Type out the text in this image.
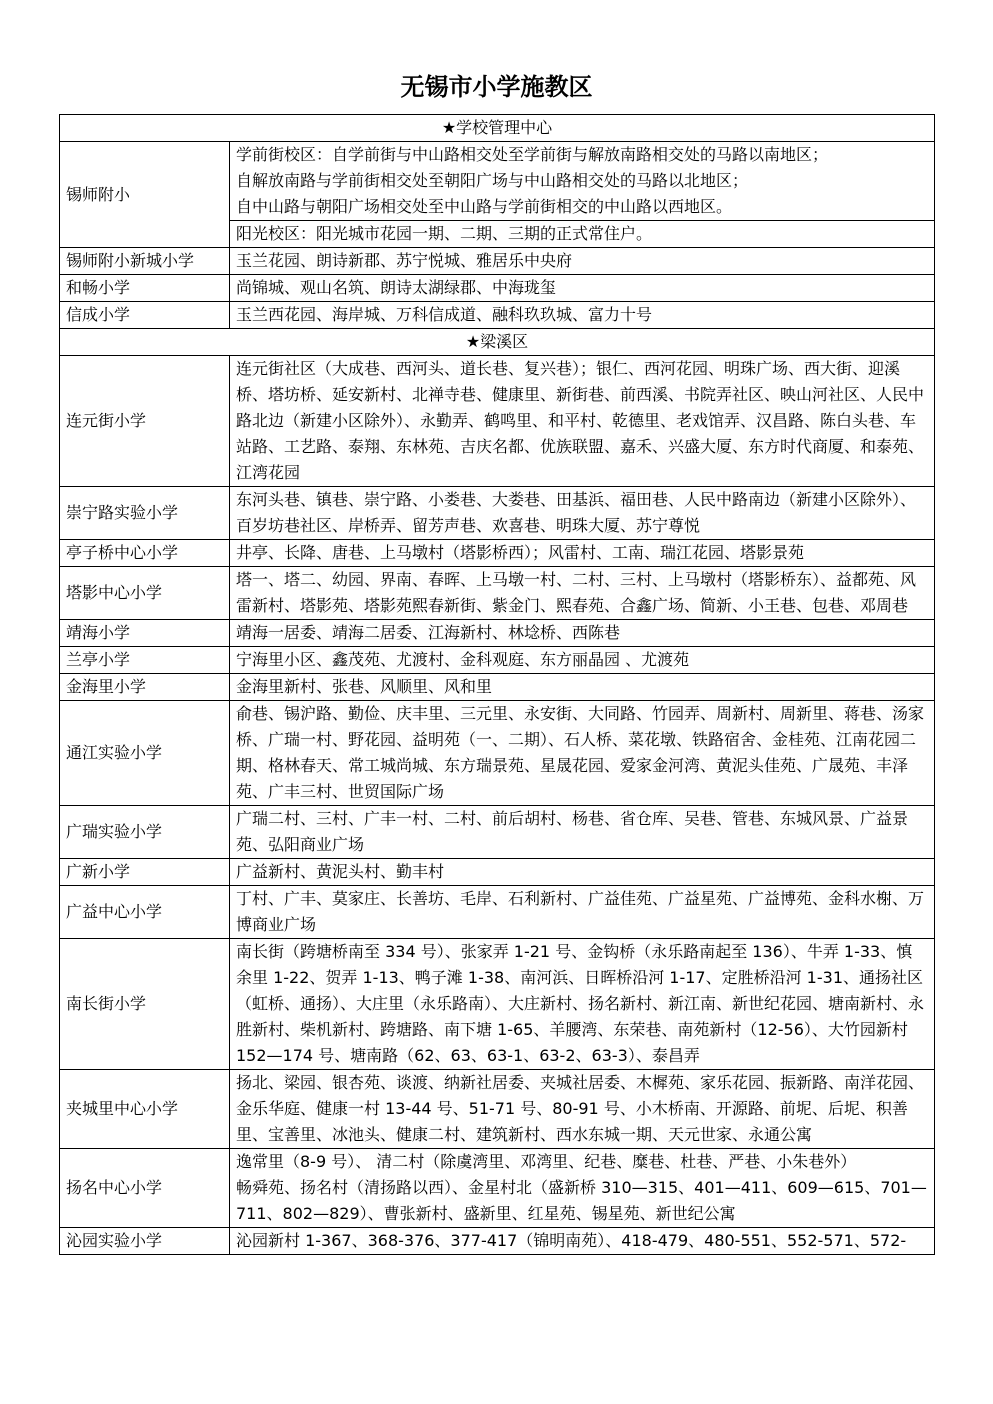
无锡市小学施教区
★学校管理中心	
锡师附小	学前街校区：自学前街与中山路相交处至学前街与解放南路相交处的马路以南地区；
自解放南路与学前街相交处至朝阳广场与中山路相交处的马路以北地区；
自中山路与朝阳广场相交处至中山路与学前街相交的中山路以西地区。

	阳光校区：阳光城市花园一期、二期、三期的正式常住户。
锡师附小新城小学	玉兰花园、朗诗新郡、苏宁悦城、雅居乐中央府
和畅小学	尚锦城、观山名筑、朗诗太湖绿郡、中海珑玺
信成小学	玉兰西花园、海岸城、万科信成道、融科玖玖城、富力十号
★梁溪区	
连元街小学	连元街社区（大成巷、西河头、道长巷、复兴巷）；银仁、西河花园、明珠广场、西大街、迎溪桥、塔坊桥、延安新村、北禅寺巷、健康里、新街巷、前西溪、书院弄社区、映山河社区、人民中路北边（新建小区除外）、永勤弄、鹤鸣里、和平村、乾德里、老戏馆弄、汉昌路、陈白头巷、车站路、工艺路、泰翔、东林苑、吉庆名都、优族联盟、嘉禾、兴盛大厦、东方时代商厦、和泰苑、江湾花园
崇宁路实验小学	东河头巷、镇巷、崇宁路、小娄巷、大娄巷、田基浜、福田巷、人民中路南边（新建小区除外）、百岁坊巷社区、岸桥弄、留芳声巷、欢喜巷、明珠大厦、苏宁尊悦
亭子桥中心小学	井亭、长降、唐巷、上马墩村（塔影桥西）；风雷村、工南、瑞江花园、塔影景苑
塔影中心小学	塔一、塔二、幼园、界南、春晖、上马墩一村、二村、三村、上马墩村（塔影桥东）、益都苑、风雷新村、塔影苑、塔影苑熙春新街、紫金门、熙春苑、合鑫广场、简新、小王巷、包巷、邓周巷
靖海小学	靖海一居委、靖海二居委、江海新村、林埝桥、西陈巷
兰亭小学	宁海里小区、鑫茂苑、尤渡村、金科观庭、东方丽晶园 、尤渡苑
金海里小学	金海里新村、张巷、风顺里、风和里
通江实验小学	俞巷、锡沪路、勤俭、庆丰里、三元里、永安街、大同路、竹园弄、周新村、周新里、蒋巷、汤家桥、广瑞一村、野花园、益明苑（一、二期）、石人桥、菜花墩、铁路宿舍、金桂苑、江南花园二期、格林春天、常工城尚城、东方瑞景苑、星晟花园、爱家金河湾、黄泥头佳苑、广晟苑、丰泽苑、广丰三村、世贸国际广场
广瑞实验小学	广瑞二村、三村、广丰一村、二村、前后胡村、杨巷、省仓库、吴巷、管巷、东城风景、广益景苑、弘阳商业广场
广新小学	广益新村、黄泥头村、勤丰村
广益中心小学	丁村、广丰、莫家庄、长善坊、毛岸、石利新村、广益佳苑、广益星苑、广益博苑、金科水榭、万博商业广场
南长街小学	南长街（跨塘桥南至 334 号）、张家弄 1-21 号、金钩桥（永乐路南起至 136）、牛弄 1-33、慎余里 1-22、贺弄 1-13、鸭子滩 1-38、南河浜、日晖桥沿河 1-17、定胜桥沿河 1-31、通扬社区（虹桥、通扬）、大庄里（永乐路南）、大庄新村、扬名新村、新江南、新世纪花园、塘南新村、永胜新村、柴机新村、跨塘路、南下塘 1-65、羊腰湾、东荣巷、南苑新村（12-56）、大竹园新村 152—174 号、塘南路（62、63、63-1、63-2、63-3）、泰昌弄
夹城里中心小学	扬北、梁园、银杏苑、谈渡、纳新社居委、夹城社居委、木樨苑、家乐花园、振新路、南洋花园、金乐华庭、健康一村 13-44 号、51-71 号、80-91 号、小木桥南、开源路、前坭、后坭、积善里、宝善里、冰池头、健康二村、建筑新村、西水东城一期、天元世家、永通公寓
扬名中心小学	逸常里（8-9 号）、 清二村（除虞湾里、邓湾里、纪巷、糜巷、杜巷、严巷、小朱巷外）
畅舜苑、扬名村（清扬路以西）、金星村北（盛新桥 310—315、401—411、609—615、701—711、802—829）、曹张新村、盛新里、红星苑、锡星苑、新世纪公寓

沁园实验小学	沁园新村 1-367、368-376、377-417（锦明南苑）、418-479、480-551、552-571、572-
